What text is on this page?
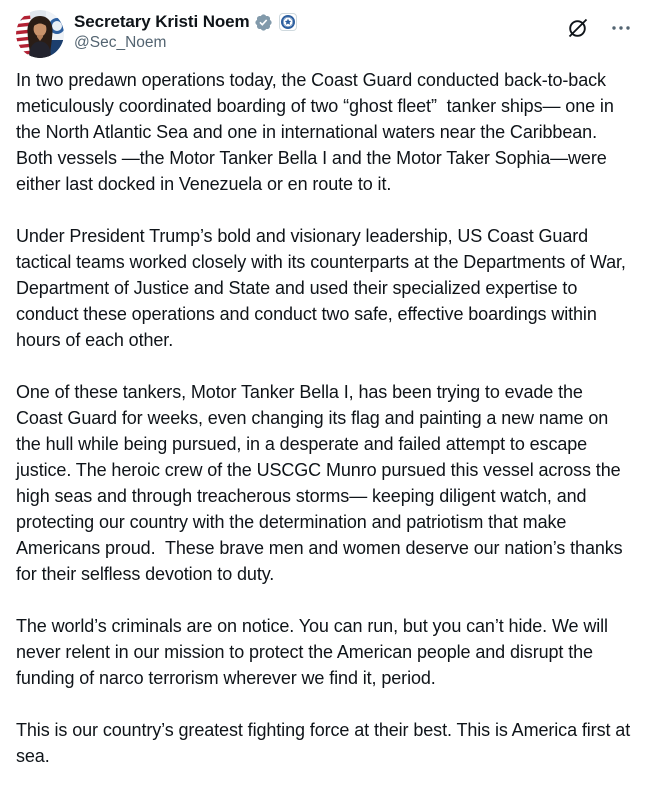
Secretary Kristi Noem
@Sec_Noem

In two predawn operations today, the Coast Guard conducted back-to-back meticulously coordinated boarding of two “ghost fleet”  tanker ships— one in the North Atlantic Sea and one in international waters near the Caribbean.  Both vessels —the Motor Tanker Bella I and the Motor Taker Sophia—were either last docked in Venezuela or en route to it.

Under President Trump’s bold and visionary leadership, US Coast Guard tactical teams worked closely with its counterparts at the Departments of War, Department of Justice and State and used their specialized expertise to conduct these operations and conduct two safe, effective boardings within hours of each other.

One of these tankers, Motor Tanker Bella I, has been trying to evade the Coast Guard for weeks, even changing its flag and painting a new name on the hull while being pursued, in a desperate and failed attempt to escape justice. The heroic crew of the USCGC Munro pursued this vessel across the high seas and through treacherous storms— keeping diligent watch, and protecting our country with the determination and patriotism that make Americans proud.  These brave men and women deserve our nation’s thanks for their selfless devotion to duty.

The world’s criminals are on notice. You can run, but you can’t hide. We will never relent in our mission to protect the American people and disrupt the funding of narco terrorism wherever we find it, period.

This is our country’s greatest fighting force at their best. This is America first at sea.
